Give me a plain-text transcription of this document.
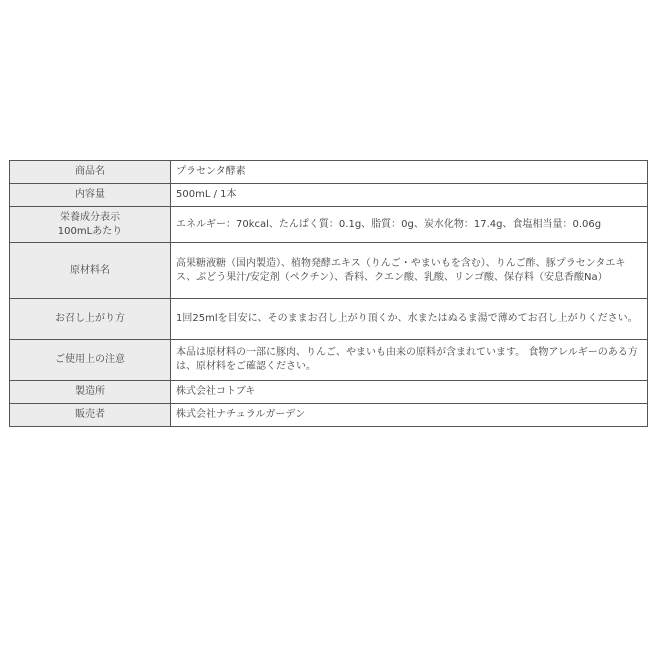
商品名	プラセンタ酵素
内容量	500mL / 1本

栄養成分表示
100mLあたり	エネルギー：70kcal、たんぱく質：0.1g、脂質：0g、炭水化物：17.4g、食塩相当量：0.06g
原材料名	高果糖液糖（国内製造）、植物発酵エキス（りんご・やまいもを含む）、りんご酢、豚プラセンタエキス、ぶどう果汁/安定剤（ペクチン）、香料、クエン酸、乳酸、リンゴ酸、保存料（安息香酸Na）
お召し上がり方	1回25mlを目安に、そのままお召し上がり頂くか、水またはぬるま湯で薄めてお召し上がりください。
ご使用上の注意	本品は原材料の一部に豚肉、りんご、やまいも由来の原料が含まれています。 食物アレルギーのある方は、原材料をご確認ください。
製造所	株式会社コトブキ
販売者	株式会社ナチュラルガーデン
